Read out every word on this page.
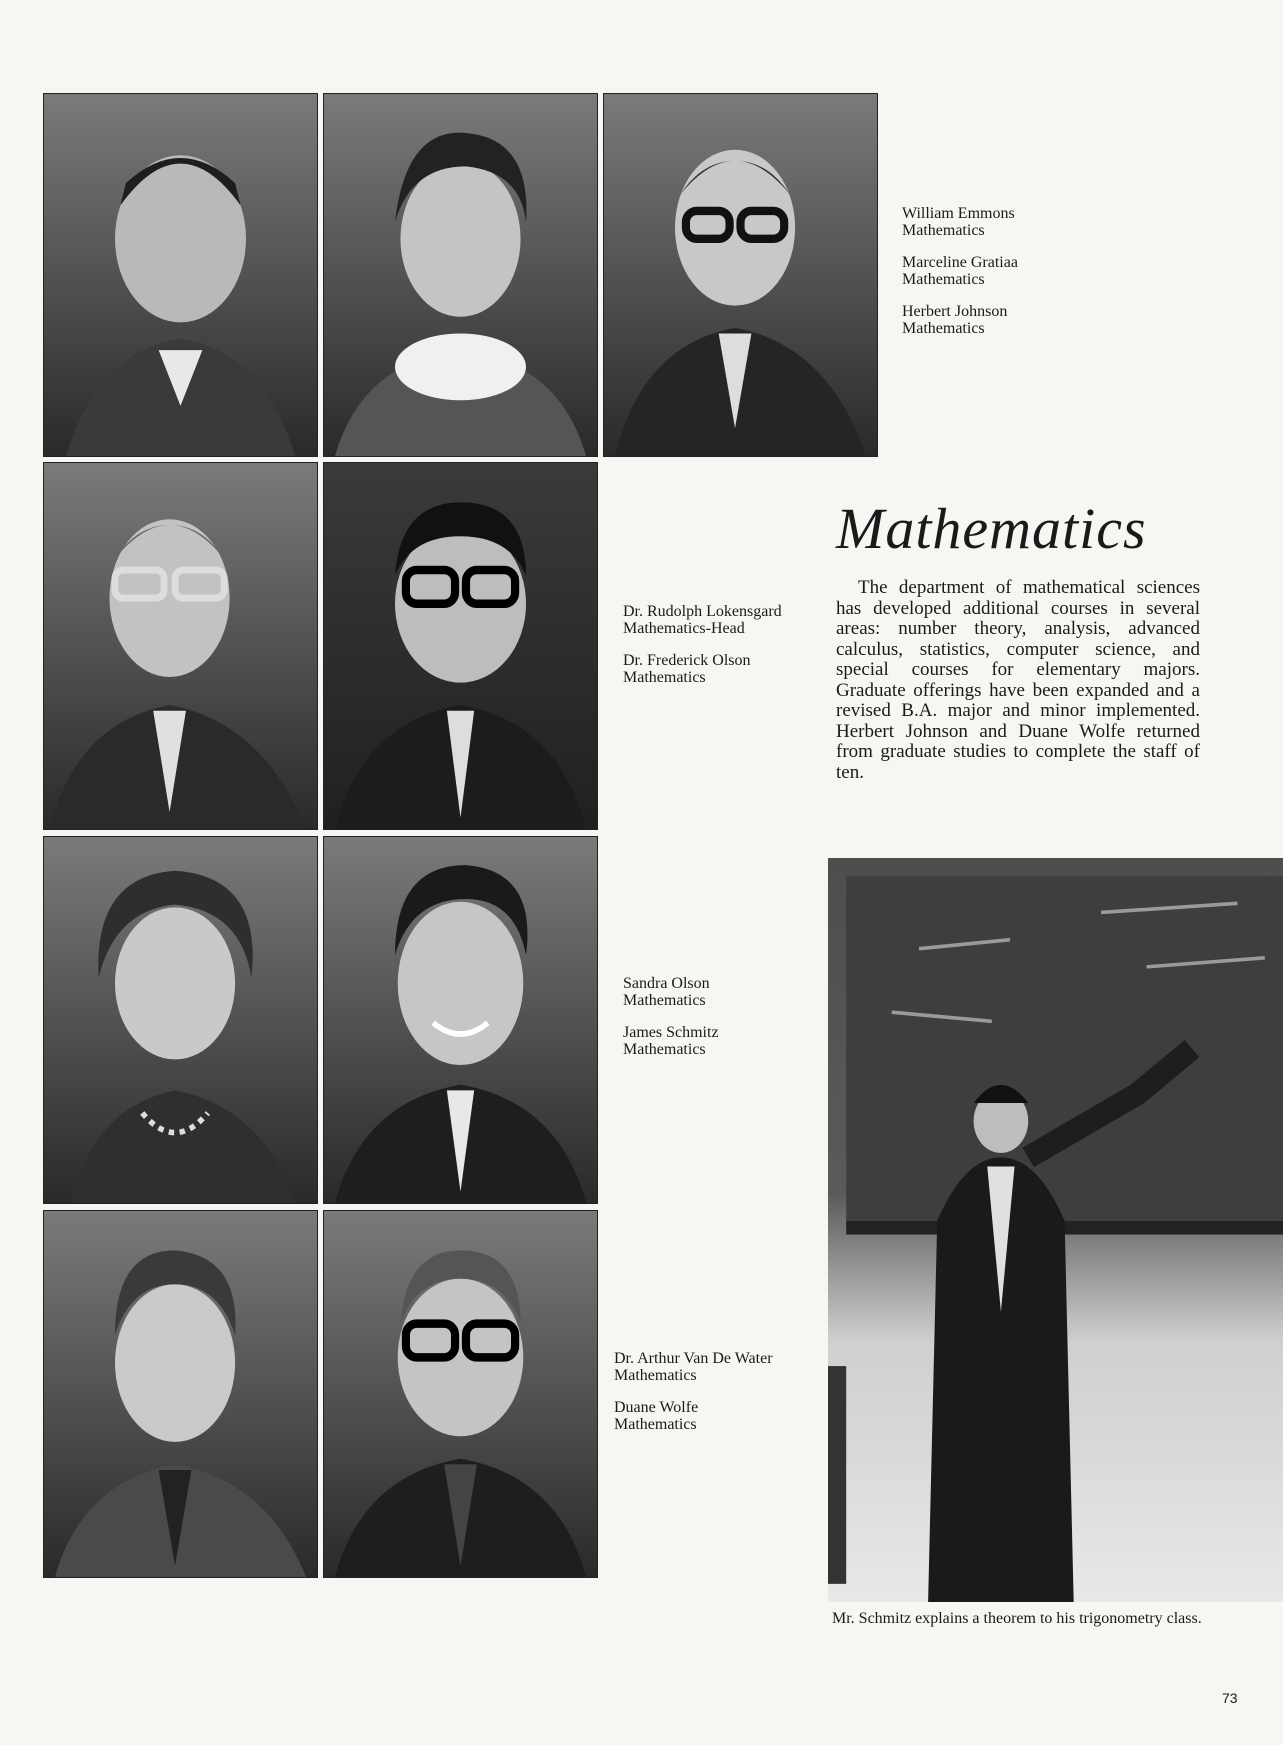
William Emmons
Mathematics
Marceline Gratiaa
Mathematics
Herbert Johnson
Mathematics
Dr. Rudolph Lokensgard
Mathematics-Head
Dr. Frederick Olson
Mathematics
Mathematics
The department of mathematical sciences has developed additional courses in several areas: number theory, analysis, advanced calculus, statistics, computer science, and special courses for elementary majors. Graduate offerings have been expanded and a revised B.A. major and minor implemented. Herbert Johnson and Duane Wolfe returned from graduate studies to complete the staff of ten.
Sandra Olson
Mathematics
James Schmitz
Mathematics
Dr. Arthur Van De Water
Mathematics
Duane Wolfe
Mathematics
Mr. Schmitz explains a theorem to his trigonometry class.
73
